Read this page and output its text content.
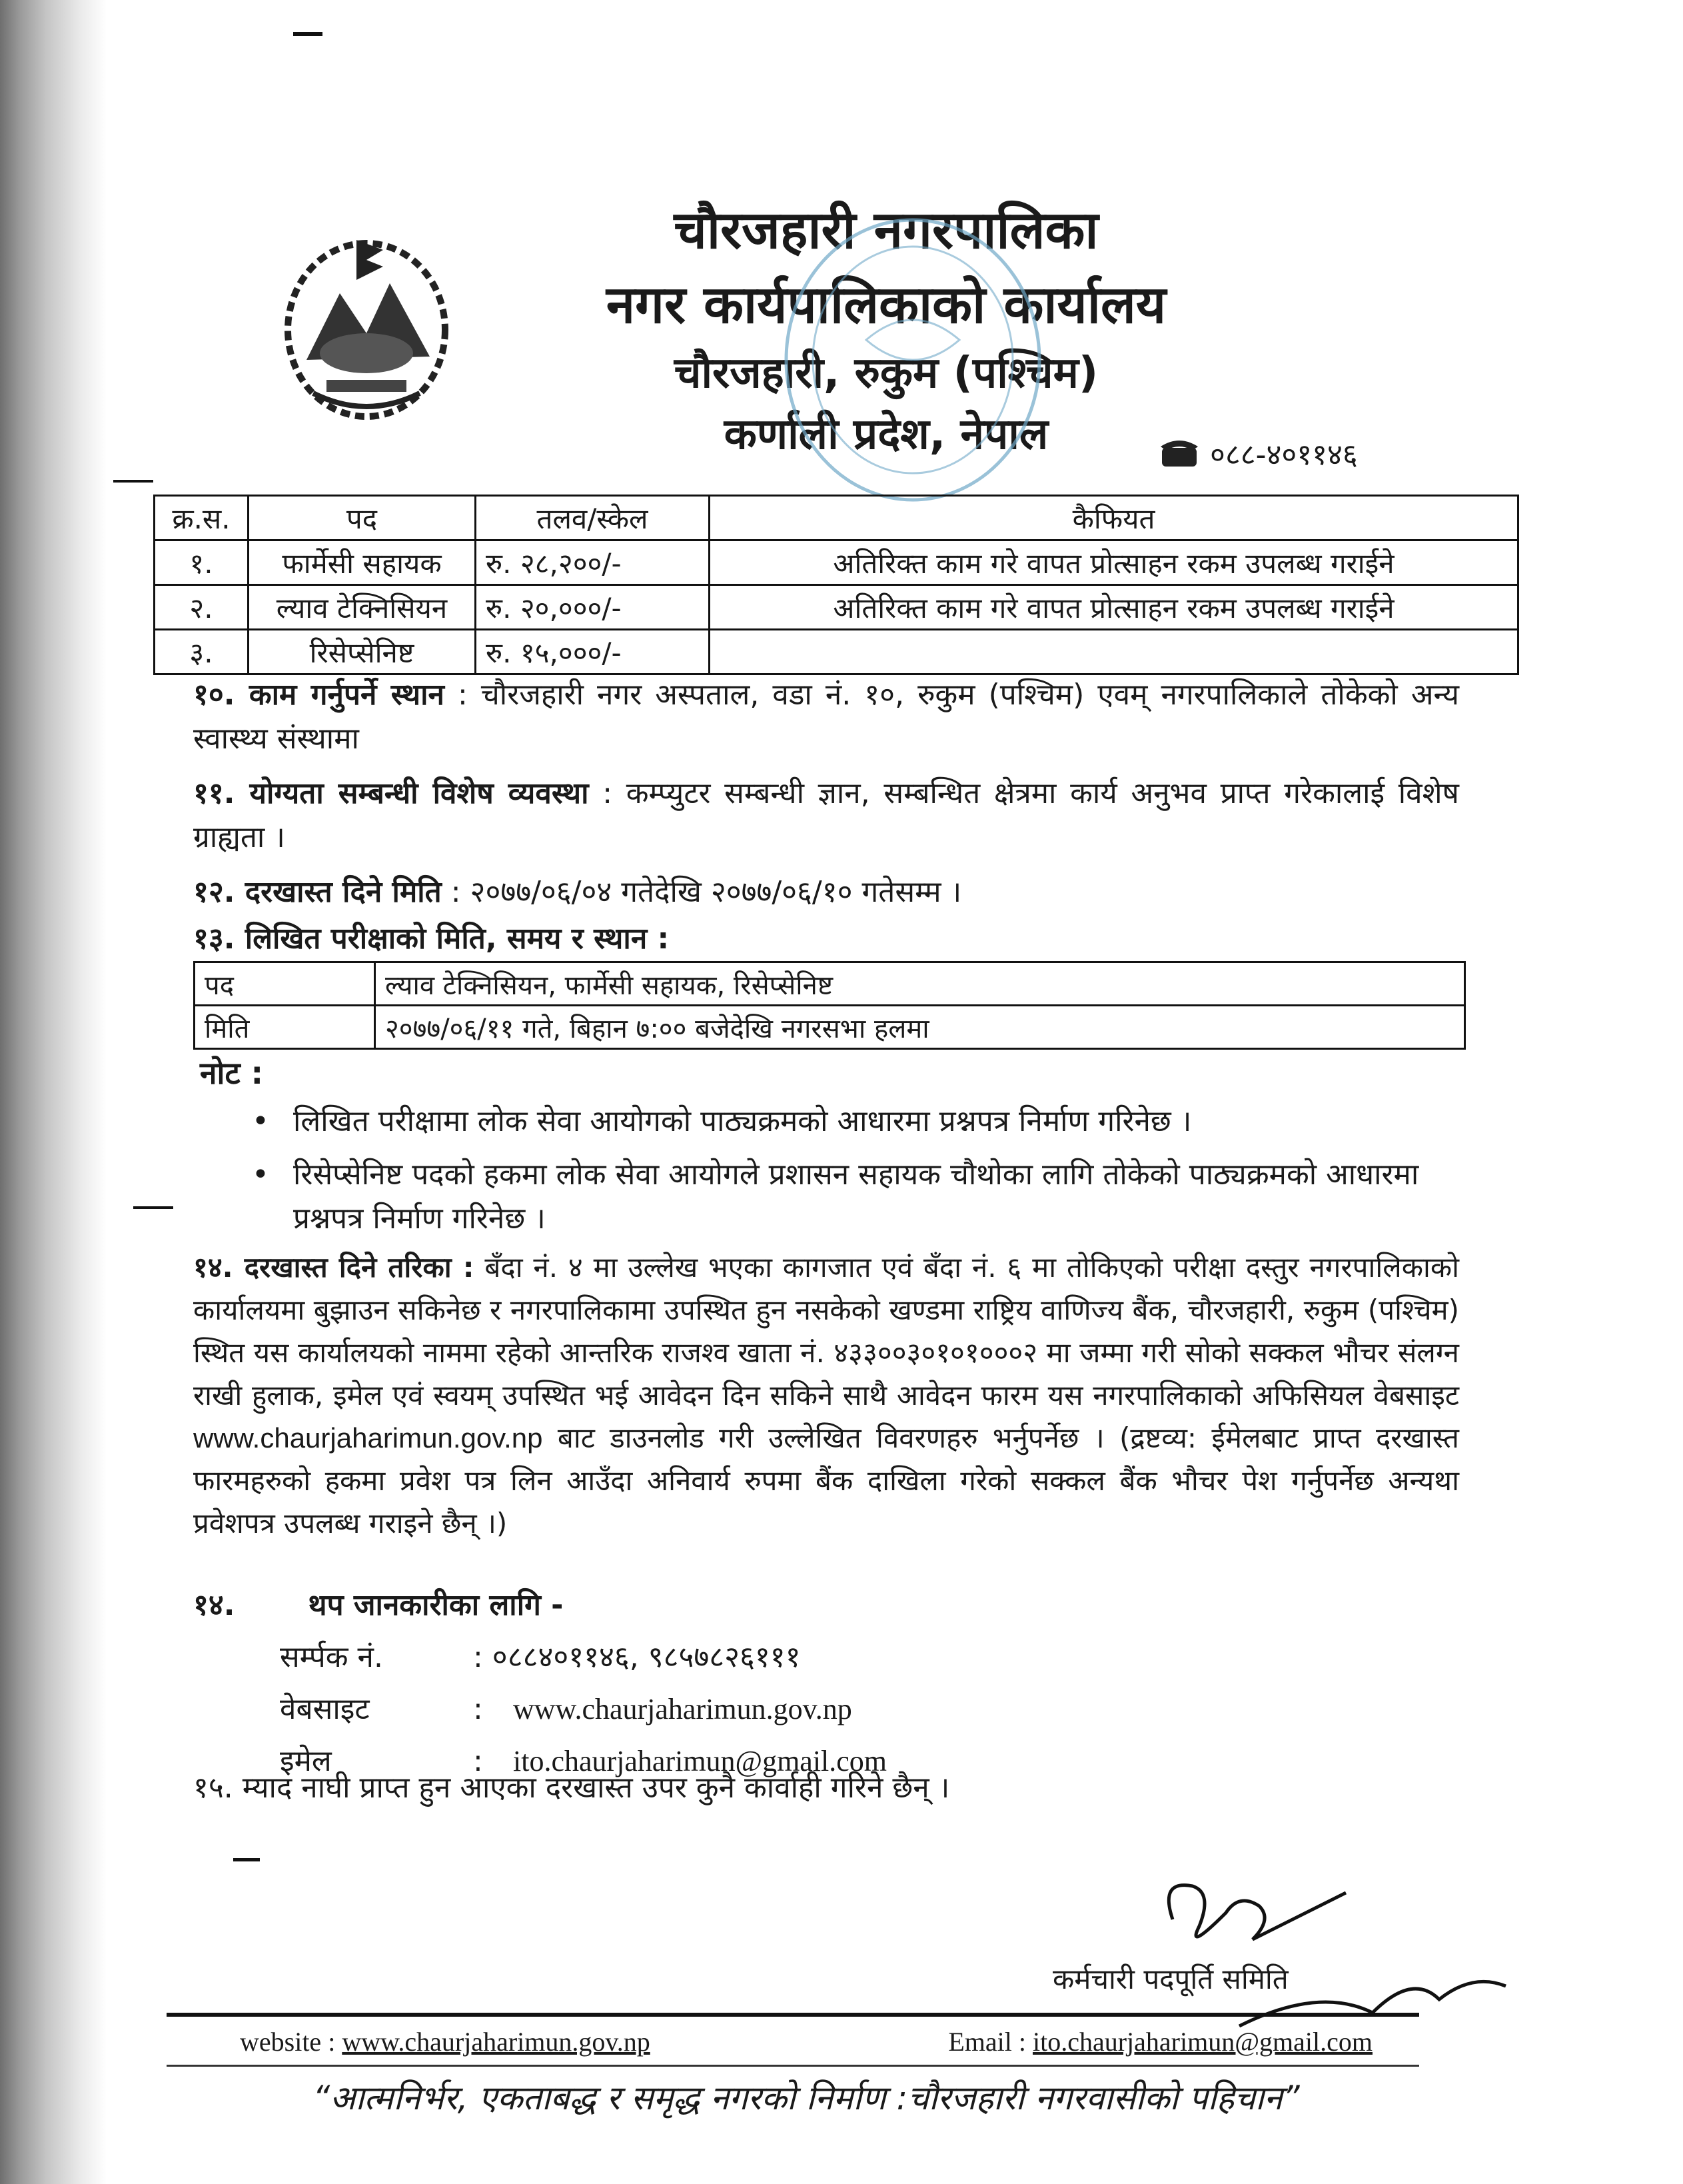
चौरजहारी नगरपालिका
नगर कार्यपालिकाको कार्यालय
चौरजहारी, रुकुम (पश्चिम)
कर्णाली प्रदेश, नेपाल	०८८-४०११४६
क्र.स.	पद	तलव/स्केल	कैफियत
१.	फार्मेसी सहायक	रु. २८,२००/-	अतिरिक्त काम गरे वापत प्रोत्साहन रकम उपलब्ध गराईने
२.	ल्याव टेक्निसियन	रु. २०,०००/-	अतिरिक्त काम गरे वापत प्रोत्साहन रकम उपलब्ध गराईने
३.	रिसेप्सेनिष्ट	रु. १५,०००/-	
१०. काम गर्नुपर्ने स्थान : चौरजहारी नगर अस्पताल, वडा नं. १०, रुकुम (पश्चिम) एवम् नगरपालिकाले तोकेको अन्य स्वास्थ्य संस्थामा
११. योग्यता सम्बन्धी विशेष व्यवस्था : कम्प्युटर सम्बन्धी ज्ञान, सम्बन्धित क्षेत्रमा कार्य अनुभव प्राप्त गरेकालाई विशेष ग्राह्यता ।
१२. दरखास्त दिने मिति : २०७७/०६/०४ गतेदेखि २०७७/०६/१० गतेसम्म ।
१३. लिखित परीक्षाको मिति, समय र स्थान :
पद	ल्याव टेक्निसियन, फार्मेसी सहायक, रिसेप्सेनिष्ट
मिति	२०७७/०६/११ गते, बिहान ७:०० बजेदेखि नगरसभा हलमा
नोट :
• लिखित परीक्षामा लोक सेवा आयोगको पाठ्यक्रमको आधारमा प्रश्नपत्र निर्माण गरिनेछ ।
• रिसेप्सेनिष्ट पदको हकमा लोक सेवा आयोगले प्रशासन सहायक चौथोका लागि तोकेको पाठ्यक्रमको आधारमा प्रश्नपत्र निर्माण गरिनेछ ।
१४. दरखास्त दिने तरिका : बँदा नं. ४ मा उल्लेख भएका कागजात एवं बँदा नं. ६ मा तोकिएको परीक्षा दस्तुर नगरपालिकाको कार्यालयमा बुझाउन सकिनेछ र नगरपालिकामा उपस्थित हुन नसकेको खण्डमा राष्ट्रिय वाणिज्य बैंक, चौरजहारी, रुकुम (पश्चिम) स्थित यस कार्यालयको नाममा रहेको आन्तरिक राजश्व खाता नं. ४३३००३०१०१०००२ मा जम्मा गरी सोको सक्कल भौचर संलग्न राखी हुलाक, इमेल एवं स्वयम् उपस्थित भई आवेदन दिन सकिने साथै आवेदन फारम यस नगरपालिकाको अफिसियल वेबसाइट www.chaurjaharimun.gov.np बाट डाउनलोड गरी उल्लेखित विवरणहरु भर्नुपर्नेछ । (द्रष्टव्य: ईमेलबाट प्राप्त दरखास्त फारमहरुको हकमा प्रवेश पत्र लिन आउँदा अनिवार्य रुपमा बैंक दाखिला गरेको सक्कल बैंक भौचर पेश गर्नुपर्नेछ अन्यथा प्रवेशपत्र उपलब्ध गराइने छैन् ।)
१४.	थप जानकारीका लागि -
सर्म्पक नं.	: ०८८४०११४६, ९८५७८२६१११
वेबसाइट	:	www.chaurjaharimun.gov.np
इमेल	:	ito.chaurjaharimun@gmail.com
१५. म्याद नाघी प्राप्त हुन आएका दरखास्त उपर कुनै कार्वाही गरिने छैन् ।
कर्मचारी पदपूर्ति समिति
website : www.chaurjaharimun.gov.np	Email : ito.chaurjaharimun@gmail.com
“आत्मनिर्भर, एकताबद्ध र समृद्ध नगरको निर्माण :चौरजहारी नगरवासीको पहिचान”
